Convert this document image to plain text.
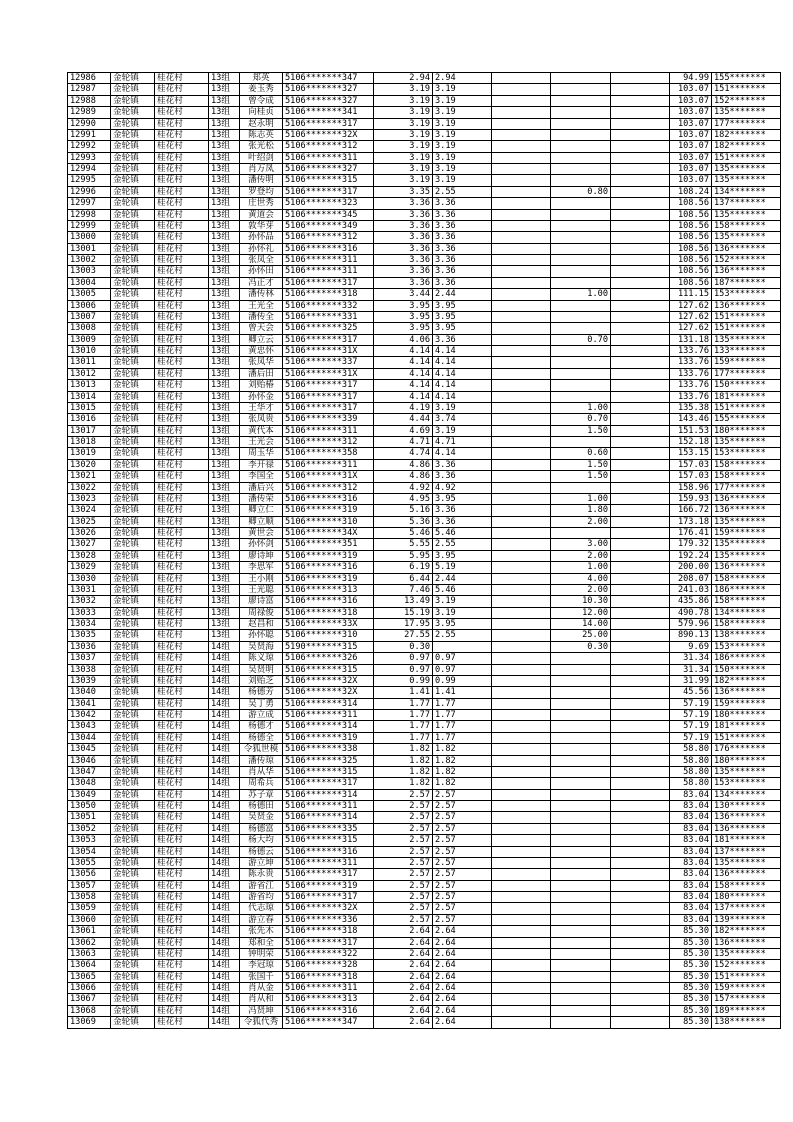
12986	金轮镇	桂花村	13组	郑英	5106*******347	2.94	2.94				94.99	155*******
12987	金轮镇	桂花村	13组	姜玉秀	5106*******327	3.19	3.19				103.07	151*******
12988	金轮镇	桂花村	13组	曾令成	5106*******327	3.19	3.19				103.07	152*******
12989	金轮镇	桂花村	13组	向桂贞	5106*******341	3.19	3.19				103.07	135*******
12990	金轮镇	桂花村	13组	赵永明	5106*******317	3.19	3.19				103.07	177*******
12991	金轮镇	桂花村	13组	陈志英	5106*******32X	3.19	3.19				103.07	182*******
12992	金轮镇	桂花村	13组	张光松	5106*******312	3.19	3.19				103.07	182*******
12993	金轮镇	桂花村	13组	叶绍剑	5106*******311	3.19	3.19				103.07	151*******
12994	金轮镇	桂花村	13组	肖万凤	5106*******327	3.19	3.19				103.07	135*******
12995	金轮镇	桂花村	13组	潘传明	5106*******315	3.19	3.19				103.07	135*******
12996	金轮镇	桂花村	13组	罗登均	5106*******317	3.35	2.55		0.80		108.24	134*******
12997	金轮镇	桂花村	13组	庄世秀	5106*******323	3.36	3.36				108.56	137*******
12998	金轮镇	桂花村	13组	黄道会	5106*******345	3.36	3.36				108.56	135*******
12999	金轮镇	桂花村	13组	敦华芽	5106*******349	3.36	3.36				108.56	158*******
13000	金轮镇	桂花村	13组	孙怀品	5106*******312	3.36	3.36				108.56	135*******
13001	金轮镇	桂花村	13组	孙怀礼	5106*******316	3.36	3.36				108.56	136*******
13002	金轮镇	桂花村	13组	张凤全	5106*******311	3.36	3.36				108.56	152*******
13003	金轮镇	桂花村	13组	孙怀田	5106*******311	3.36	3.36				108.56	136*******
13004	金轮镇	桂花村	13组	冯正才	5106*******317	3.36	3.36				108.56	187*******
13005	金轮镇	桂花村	13组	潘传林	5106*******318	3.44	2.44		1.00		111.15	153*******
13006	金轮镇	桂花村	13组	王光全	5106*******332	3.95	3.95				127.62	136*******
13007	金轮镇	桂花村	13组	潘传全	5106*******331	3.95	3.95				127.62	151*******
13008	金轮镇	桂花村	13组	曾天会	5106*******325	3.95	3.95				127.62	151*******
13009	金轮镇	桂花村	13组	卿立云	5106*******317	4.06	3.36		0.70		131.18	135*******
13010	金轮镇	桂花村	13组	黄忠怀	5106*******31X	4.14	4.14				133.76	133*******
13011	金轮镇	桂花村	13组	张凤华	5106*******337	4.14	4.14				133.76	159*******
13012	金轮镇	桂花村	13组	潘后田	5106*******31X	4.14	4.14				133.76	177*******
13013	金轮镇	桂花村	13组	刘贻椿	5106*******317	4.14	4.14				133.76	150*******
13014	金轮镇	桂花村	13组	孙怀金	5106*******317	4.14	4.14				133.76	181*******
13015	金轮镇	桂花村	13组	王华才	5106*******317	4.19	3.19		1.00		135.38	151*******
13016	金轮镇	桂花村	13组	张凤贵	5106*******339	4.44	3.74		0.70		143.46	155*******
13017	金轮镇	桂花村	13组	黄代本	5106*******311	4.69	3.19		1.50		151.53	180*******
13018	金轮镇	桂花村	13组	王光会	5106*******312	4.71	4.71				152.18	135*******
13019	金轮镇	桂花村	13组	周玉华	5106*******358	4.74	4.14		0.60		153.15	153*******
13020	金轮镇	桂花村	13组	李开禄	5106*******311	4.86	3.36		1.50		157.03	158*******
13021	金轮镇	桂花村	13组	李国全	5106*******31X	4.86	3.36		1.50		157.03	158*******
13022	金轮镇	桂花村	13组	潘后兴	5106*******312	4.92	4.92				158.96	177*******
13023	金轮镇	桂花村	13组	潘传荣	5106*******316	4.95	3.95		1.00		159.93	136*******
13024	金轮镇	桂花村	13组	卿立仁	5106*******319	5.16	3.36		1.80		166.72	136*******
13025	金轮镇	桂花村	13组	卿立顺	5106*******310	5.36	3.36		2.00		173.18	135*******
13026	金轮镇	桂花村	13组	黄世会	5106*******34X	5.46	5.46				176.41	159*******
13027	金轮镇	桂花村	13组	孙怀剑	5106*******351	5.55	2.55		3.00		179.32	135*******
13028	金轮镇	桂花村	13组	廖诗坤	5106*******319	5.95	3.95		2.00		192.24	135*******
13029	金轮镇	桂花村	13组	李思军	5106*******316	6.19	5.19		1.00		200.00	136*******
13030	金轮镇	桂花村	13组	王小刚	5106*******319	6.44	2.44		4.00		208.07	158*******
13031	金轮镇	桂花村	13组	王光聪	5106*******313	7.46	5.46		2.00		241.03	186*******
13032	金轮镇	桂花村	13组	廖诗富	5106*******316	13.49	3.19		10.30		435.86	158*******
13033	金轮镇	桂花村	13组	周禄俊	5106*******318	15.19	3.19		12.00		490.78	134*******
13034	金轮镇	桂花村	13组	赵昌和	5106*******33X	17.95	3.95		14.00		579.96	158*******
13035	金轮镇	桂花村	13组	孙怀聪	5106*******310	27.55	2.55		25.00		890.13	138*******
13036	金轮镇	桂花村	14组	吴贤海	5190*******315	0.30			0.30		9.69	153*******
13037	金轮镇	桂花村	14组	陈义琼	5106*******326	0.97	0.97				31.34	186*******
13038	金轮镇	桂花村	14组	吴贤明	5106*******315	0.97	0.97				31.34	150*******
13039	金轮镇	桂花村	14组	刘贻芝	5106*******32X	0.99	0.99				31.99	182*******
13040	金轮镇	桂花村	14组	杨德芳	5106*******32X	1.41	1.41				45.56	136*******
13041	金轮镇	桂花村	14组	吴丁勇	5106*******314	1.77	1.77				57.19	159*******
13042	金轮镇	桂花村	14组	游立成	5106*******311	1.77	1.77				57.19	180*******
13043	金轮镇	桂花村	14组	杨德才	5106*******314	1.77	1.77				57.19	181*******
13044	金轮镇	桂花村	14组	杨德全	5106*******319	1.77	1.77				57.19	151*******
13045	金轮镇	桂花村	14组	令狐世模	5106*******338	1.82	1.82				58.80	176*******
13046	金轮镇	桂花村	14组	潘传琼	5106*******325	1.82	1.82				58.80	180*******
13047	金轮镇	桂花村	14组	肖从华	5106*******315	1.82	1.82				58.80	135*******
13048	金轮镇	桂花村	14组	周希兵	5106*******317	1.82	1.82				58.80	153*******
13049	金轮镇	桂花村	14组	苏子章	5106*******314	2.57	2.57				83.04	134*******
13050	金轮镇	桂花村	14组	杨德田	5106*******311	2.57	2.57				83.04	130*******
13051	金轮镇	桂花村	14组	吴贤金	5106*******314	2.57	2.57				83.04	136*******
13052	金轮镇	桂花村	14组	杨德富	5106*******335	2.57	2.57				83.04	136*******
13053	金轮镇	桂花村	14组	杨大均	5106*******315	2.57	2.57				83.04	181*******
13054	金轮镇	桂花村	14组	杨德云	5106*******316	2.57	2.57				83.04	137*******
13055	金轮镇	桂花村	14组	游立坤	5106*******311	2.57	2.57				83.04	135*******
13056	金轮镇	桂花村	14组	陈永贵	5106*******317	2.57	2.57				83.04	136*******
13057	金轮镇	桂花村	14组	游省江	5106*******319	2.57	2.57				83.04	158*******
13058	金轮镇	桂花村	14组	游省均	5106*******317	2.57	2.57				83.04	180*******
13059	金轮镇	桂花村	14组	代志琼	5106*******32X	2.57	2.57				83.04	137*******
13060	金轮镇	桂花村	14组	游立春	5106*******336	2.57	2.57				83.04	139*******
13061	金轮镇	桂花村	14组	张先木	5106*******318	2.64	2.64				85.30	182*******
13062	金轮镇	桂花村	14组	郑和全	5106*******317	2.64	2.64				85.30	136*******
13063	金轮镇	桂花村	14组	钟明荣	5106*******322	2.64	2.64				85.30	135*******
13064	金轮镇	桂花村	14组	李冠琼	5106*******328	2.64	2.64				85.30	152*******
13065	金轮镇	桂花村	14组	张国千	5106*******318	2.64	2.64				85.30	151*******
13066	金轮镇	桂花村	14组	肖从金	5106*******311	2.64	2.64				85.30	159*******
13067	金轮镇	桂花村	14组	肖从和	5106*******313	2.64	2.64				85.30	157*******
13068	金轮镇	桂花村	14组	冯贤坤	5106*******316	2.64	2.64				85.30	189*******
13069	金轮镇	桂花村	14组	令狐代秀	5106*******347	2.64	2.64				85.30	138*******
